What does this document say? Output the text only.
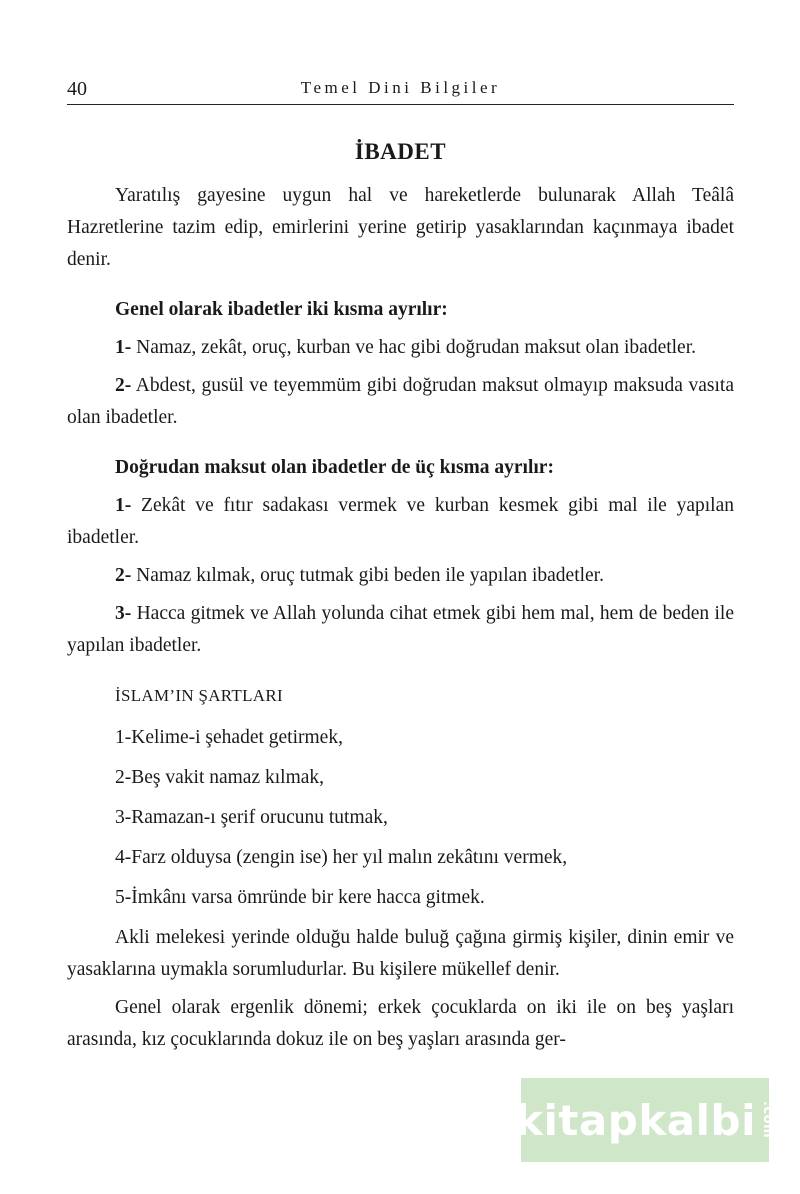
40	Temel Dini Bilgiler
İBADET

Yaratılış gayesine uygun hal ve hareketlerde bulunarak Allah Teâlâ Hazretlerine tazim edip, emirlerini yerine getirip yasaklarından kaçınmaya ibadet denir.

Genel olarak ibadetler iki kısma ayrılır:

1- Namaz, zekât, oruç, kurban ve hac gibi doğrudan maksut olan ibadetler.

2- Abdest, gusül ve teyemmüm gibi doğrudan maksut olmayıp maksuda vasıta olan ibadetler.

Doğrudan maksut olan ibadetler de üç kısma ayrılır:

1- Zekât ve fıtır sadakası vermek ve kurban kesmek gibi mal ile yapılan ibadetler.

2- Namaz kılmak, oruç tutmak gibi beden ile yapılan ibadetler.

3- Hacca gitmek ve Allah yolunda cihat etmek gibi hem mal, hem de beden ile yapılan ibadetler.

İSLAM’IN ŞARTLARI

1-Kelime-i şehadet getirmek,

2-Beş vakit namaz kılmak,

3-Ramazan-ı şerif orucunu tutmak,

4-Farz olduysa (zengin ise) her yıl malın zekâtını vermek,

5-İmkânı varsa ömründe bir kere hacca gitmek.

Akli melekesi yerinde olduğu halde buluğ çağına girmiş kişiler, dinin emir ve yasaklarına uymakla sorumludurlar. Bu kişilere mükellef denir.

Genel olarak ergenlik dönemi; erkek çocuklarda on iki ile on beş yaşları arasında, kız çocuklarında dokuz ile on beş yaşları arasında ger-

kitapkalbi .com
